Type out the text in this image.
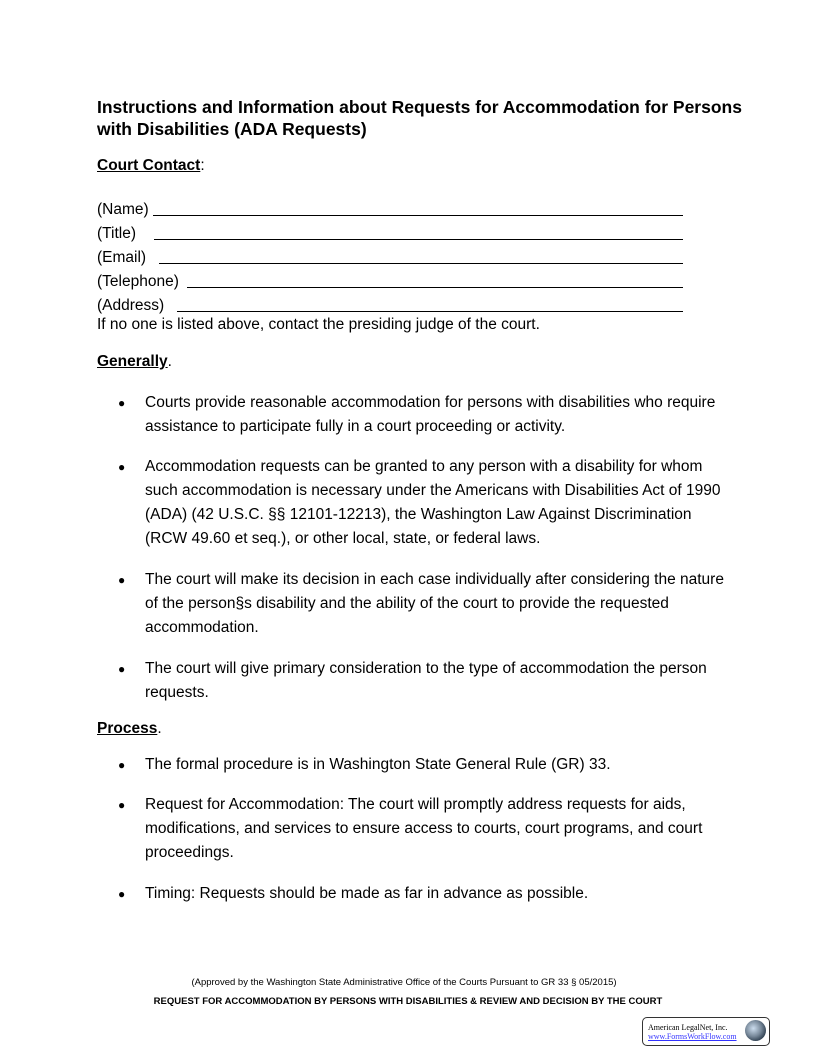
Instructions and Information about Requests for Accommodation for Persons with Disabilities (ADA Requests)
Court Contact:
(Name)

(Title)
(Email)

(Telephone)

(Address)

If no one is listed above, contact the presiding judge of the court.
Generally.
● Courts provide reasonable accommodation for persons with disabilities who require assistance to participate fully in a court proceeding or activity.
● Accommodation requests can be granted to any person with a disability for whom such accommodation is necessary under the Americans with Disabilities Act of 1990 (ADA) (42 U.S.C. §§ 12101-12213), the Washington Law Against Discrimination (RCW 49.60 et seq.), or other local, state, or federal laws.
● The court will make its decision in each case individually after considering the nature of the person§s disability and the ability of the court to provide the requested accommodation.
● The court will give primary consideration to the type of accommodation the person requests.
Process.
● The formal procedure is in Washington State General Rule (GR) 33.
● Request for Accommodation: The court will promptly address requests for aids, modifications, and services to ensure access to courts, court programs, and court proceedings.
● Timing: Requests should be made as far in advance as possible.
(Approved by the Washington State Administrative Office of the Courts Pursuant to GR 33 § 05/2015)
REQUEST FOR ACCOMMODATION BY PERSONS WITH DISABILITIES & REVIEW AND DECISION BY THE COURT
American LegalNet, Inc.
www.FormsWorkFlow.com
